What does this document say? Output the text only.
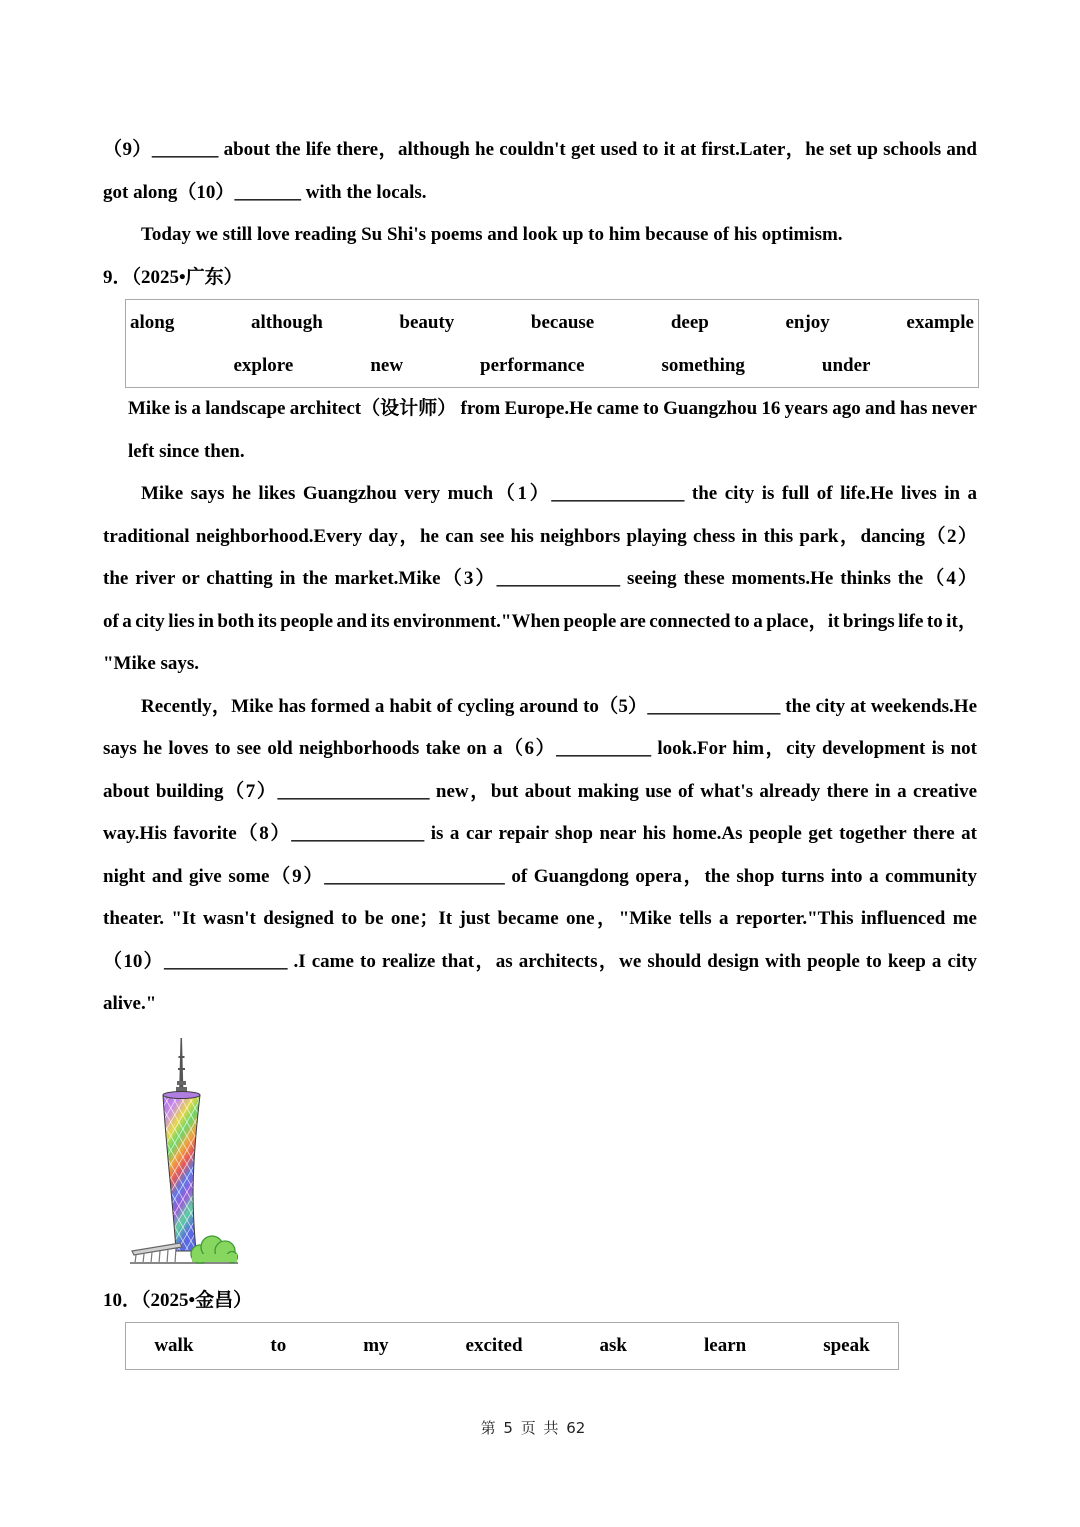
（9）_______ about the life there，although he couldn't get used to it at first.Later，he set up schools and
got along（10）_______ with the locals.
Today we still love reading Su Shi's poems and look up to him because of his optimism.
9．（2025•广东）
along	although	beauty	because	deep	enjoy	example
explore	new	performance	something	under
Mike is a landscape architect（设计师） from Europe.He came to Guangzhou 16 years ago and has never
left since then.
Mike says he likes Guangzhou very much（1）______________ the city is full of life.He lives in a
traditional neighborhood.Every day，he can see his neighbors playing chess in this park，dancing（2）
the river or chatting in the market.Mike（3）_____________ seeing these moments.He thinks the（4）
of a city lies in both its people and its environment."When people are connected to a place，it brings life to it，
"Mike says.
Recently，Mike has formed a habit of cycling around to（5）______________ the city at weekends.He
says he loves to see old neighborhoods take on a（6）__________ look.For him，city development is not
about building（7）________________ new，but about making use of what's already there in a creative
way.His favorite（8）______________ is a car repair shop near his home.As people get together there at
night and give some（9）___________________ of Guangdong opera，the shop turns into a community
theater. "It wasn't designed to be one；It just became one，"Mike tells a reporter."This influenced me
（10）_____________ .I came to realize that，as architects，we should design with people to keep a city
alive."
10．（2025•金昌）
walk	to	my	excited	ask	learn	speak
第 5 页 共 62
